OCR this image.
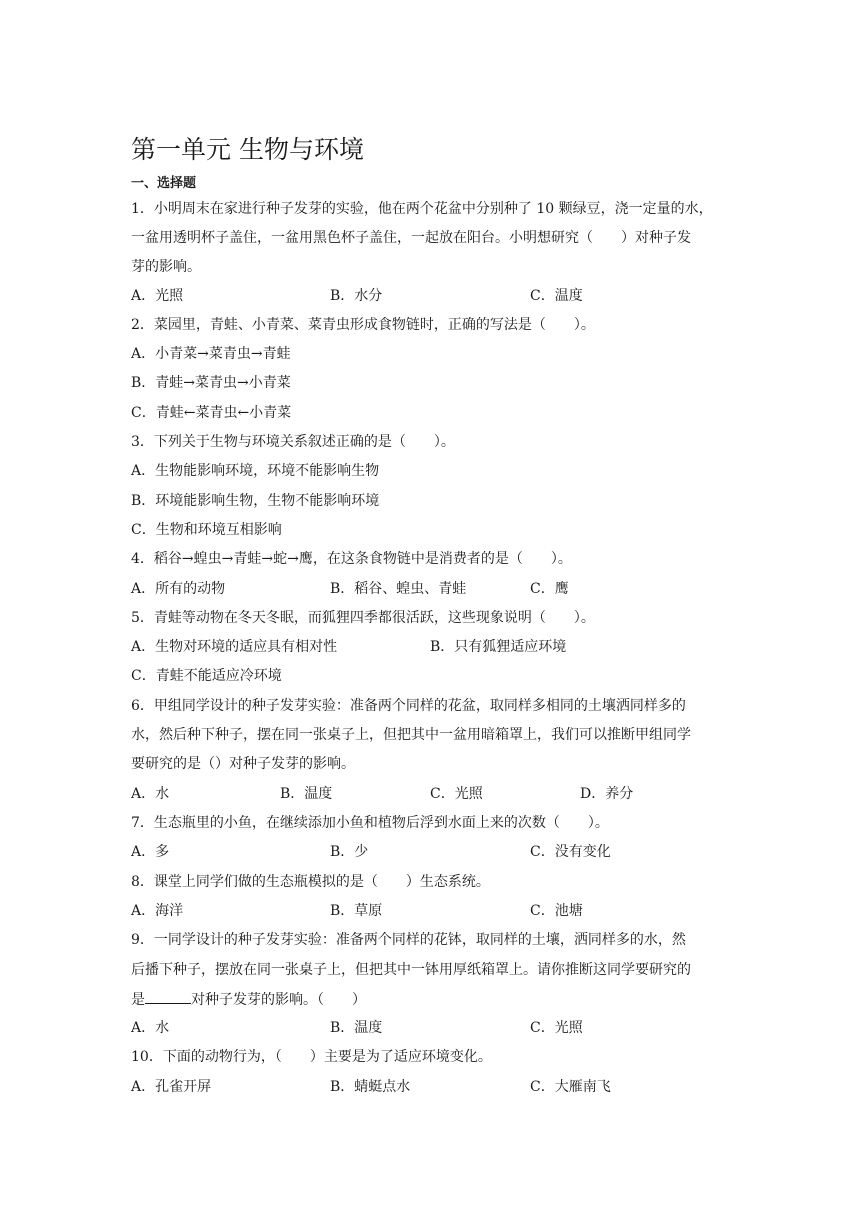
第一单元 生物与环境
一、选择题
1．小明周末在家进行种子发芽的实验，他在两个花盆中分别种了 10 颗绿豆，浇一定量的水，
一盆用透明杯子盖住，一盆用黑色杯子盖住，一起放在阳台。小明想研究（　　）对种子发
芽的影响。
A．光照	B．水分	C．温度
2．菜园里，青蛙、小青菜、菜青虫形成食物链时，正确的写法是（　　）。
A．小青菜→菜青虫→青蛙
B．青蛙→菜青虫→小青菜
C．青蛙←菜青虫←小青菜
3．下列关于生物与环境关系叙述正确的是（　　）。
A．生物能影响环境，环境不能影响生物
B．环境能影响生物，生物不能影响环境
C．生物和环境互相影响
4．稻谷→蝗虫→青蛙→蛇→鹰，在这条食物链中是消费者的是（　　）。
A．所有的动物	B．稻谷、蝗虫、青蛙	C．鹰
5．青蛙等动物在冬天冬眠，而狐狸四季都很活跃，这些现象说明（　　）。
A．生物对环境的适应具有相对性	B．只有狐狸适应环境
C．青蛙不能适应冷环境
6．甲组同学设计的种子发芽实验：准备两个同样的花盆，取同样多相同的土壤洒同样多的
水，然后种下种子，摆在同一张桌子上，但把其中一盆用暗箱罩上，我们可以推断甲组同学
要研究的是（）对种子发芽的影响。
A．水	B．温度	C．光照	D．养分
7．生态瓶里的小鱼，在继续添加小鱼和植物后浮到水面上来的次数（　　）。
A．多	B．少	C．没有变化
8．课堂上同学们做的生态瓶模拟的是（　　）生态系统。
A．海洋	B．草原	C．池塘
9．一同学设计的种子发芽实验：准备两个同样的花钵，取同样的土壤，洒同样多的水，然
后播下种子，摆放在同一张桌子上，但把其中一钵用厚纸箱罩上。请你推断这同学要研究的
是	对种子发芽的影响。（　　）
A．水	B．温度	C．光照
10．下面的动物行为，（　　）主要是为了适应环境变化。
A．孔雀开屏	B．蜻蜓点水	C．大雁南飞
